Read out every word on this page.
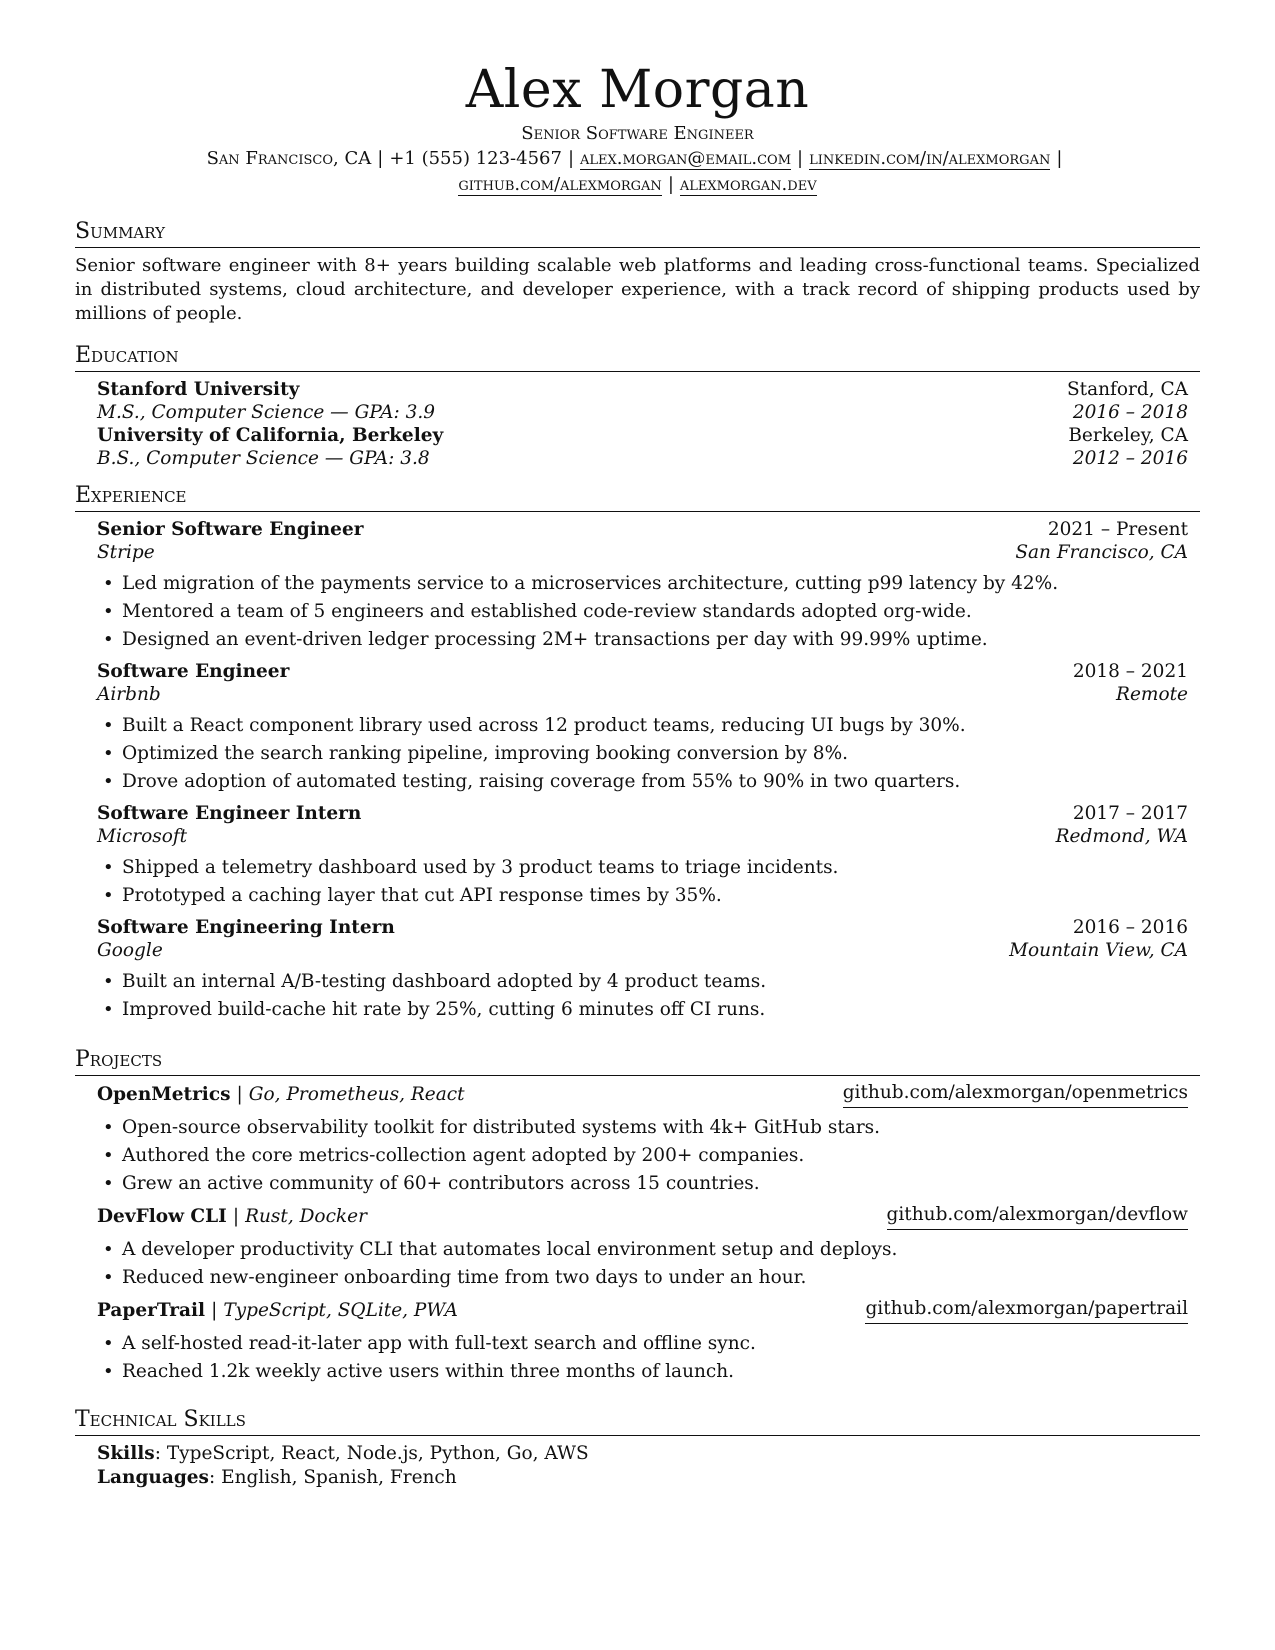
Alex Morgan
Senior Software Engineer
San Francisco, CA | +1 (555) 123-4567 | alex.morgan@email.com | linkedin.com/in/alexmorgan |
github.com/alexmorgan | alexmorgan.dev
Summary
Senior software engineer with 8+ years building scalable web platforms and leading cross-functional teams. Specialized in distributed systems, cloud architecture, and developer experience, with a track record of shipping products used by millions of people.
Education
Stanford University	Stanford, CA
M.S., Computer Science — GPA: 3.9	2016 – 2018
University of California, Berkeley	Berkeley, CA
B.S., Computer Science — GPA: 3.8	2012 – 2016
Experience
Senior Software Engineer	2021 – Present
Stripe	San Francisco, CA
• Led migration of the payments service to a microservices architecture, cutting p99 latency by 42%.
• Mentored a team of 5 engineers and established code-review standards adopted org-wide.
• Designed an event-driven ledger processing 2M+ transactions per day with 99.99% uptime.
Software Engineer	2018 – 2021
Airbnb	Remote
• Built a React component library used across 12 product teams, reducing UI bugs by 30%.
• Optimized the search ranking pipeline, improving booking conversion by 8%.
• Drove adoption of automated testing, raising coverage from 55% to 90% in two quarters.
Software Engineer Intern	2017 – 2017
Microsoft	Redmond, WA
• Shipped a telemetry dashboard used by 3 product teams to triage incidents.
• Prototyped a caching layer that cut API response times by 35%.
Software Engineering Intern	2016 – 2016
Google	Mountain View, CA
• Built an internal A/B-testing dashboard adopted by 4 product teams.
• Improved build-cache hit rate by 25%, cutting 6 minutes off CI runs.
Projects
OpenMetrics | Go, Prometheus, React	github.com/alexmorgan/openmetrics
• Open-source observability toolkit for distributed systems with 4k+ GitHub stars.
• Authored the core metrics-collection agent adopted by 200+ companies.
• Grew an active community of 60+ contributors across 15 countries.
DevFlow CLI | Rust, Docker	github.com/alexmorgan/devflow
• A developer productivity CLI that automates local environment setup and deploys.
• Reduced new-engineer onboarding time from two days to under an hour.
PaperTrail | TypeScript, SQLite, PWA	github.com/alexmorgan/papertrail
• A self-hosted read-it-later app with full-text search and offline sync.
• Reached 1.2k weekly active users within three months of launch.
Technical Skills
Skills: TypeScript, React, Node.js, Python, Go, AWS
Languages: English, Spanish, French
